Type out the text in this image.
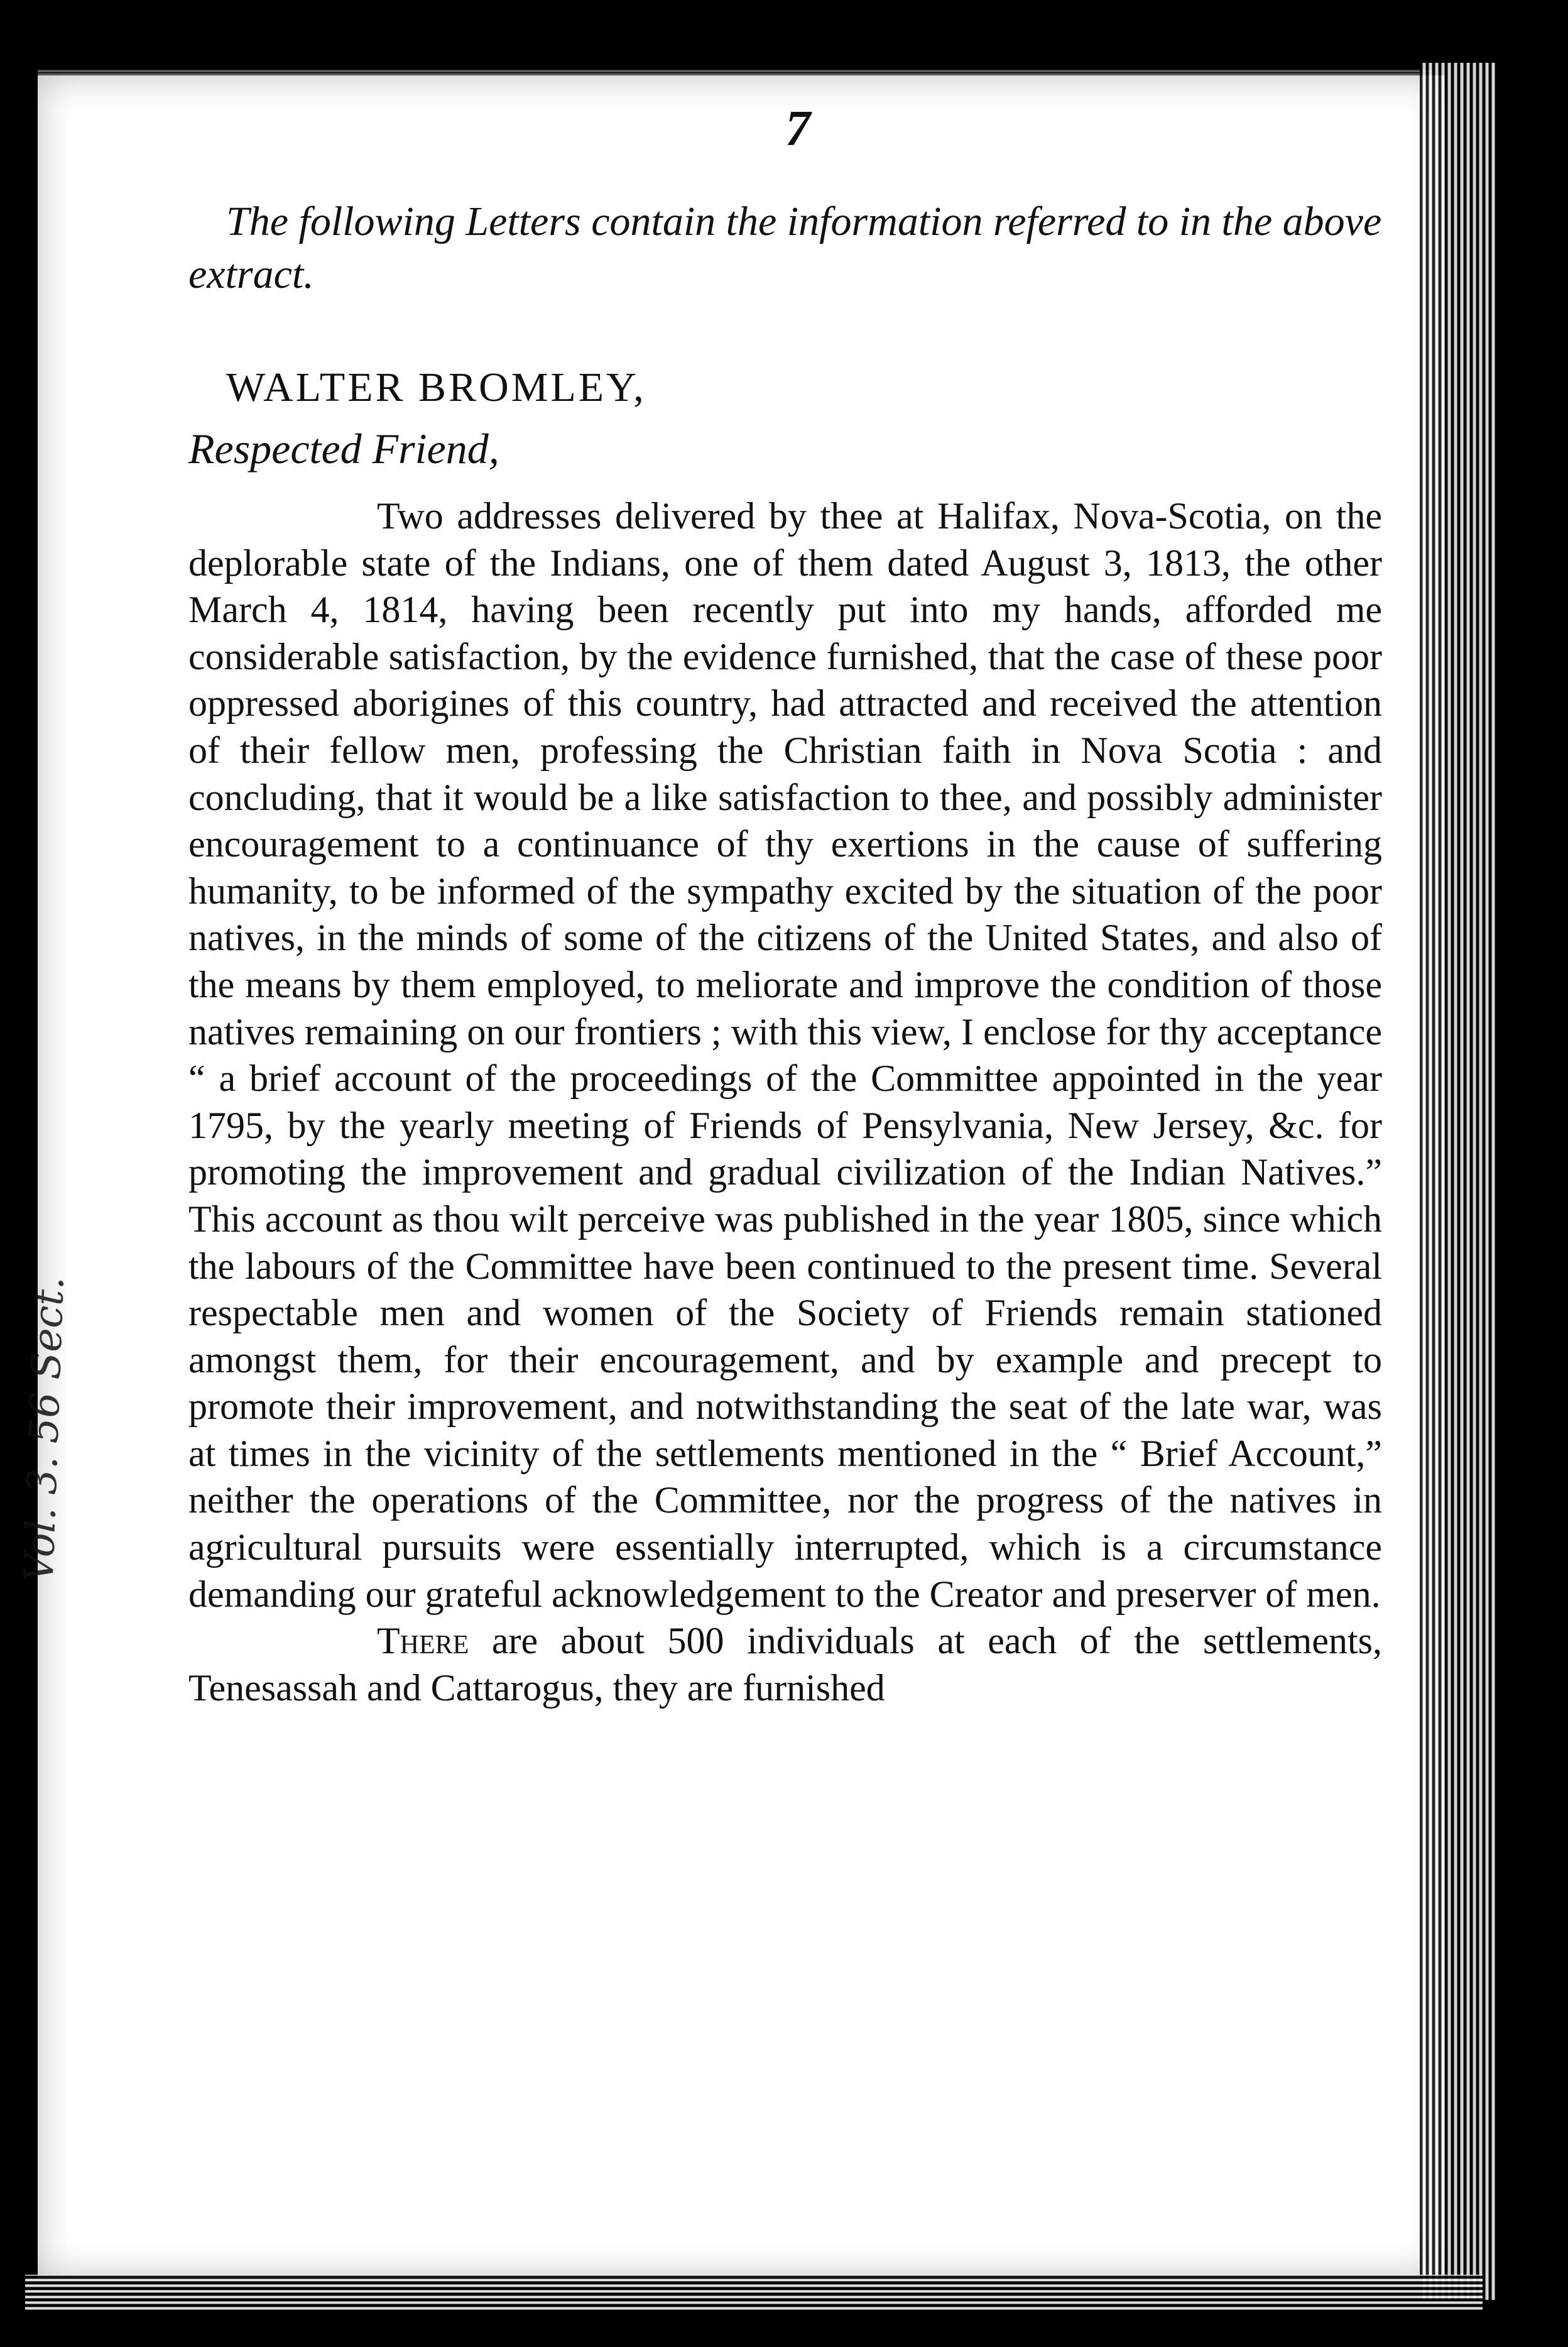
Vol. 3. 56 Sect.
7

The following Letters contain the information referred to in the above extract.

WALTER BROMLEY,

Respected Friend,

Two addresses delivered by thee at Halifax, Nova-Scotia, on the deplorable state of the Indians, one of them dated August 3, 1813, the other March 4, 1814, having been recently put into my hands, afforded me considerable satisfaction, by the evidence furnished, that the case of these poor oppressed aborigines of this country, had attracted and received the attention of their fellow men, professing the Christian faith in Nova Scotia : and concluding, that it would be a like satisfaction to thee, and possibly administer encouragement to a continuance of thy exertions in the cause of suffering humanity, to be informed of the sympathy excited by the situation of the poor natives, in the minds of some of the citizens of the United States, and also of the means by them employed, to meliorate and improve the condition of those natives remaining on our frontiers ; with this view, I enclose for thy acceptance “ a brief account of the proceedings of the Committee appointed in the year 1795, by the yearly meeting of Friends of Pensylvania, New Jersey, &c. for promoting the improvement and gradual civilization of the Indian Natives.” This account as thou wilt perceive was published in the year 1805, since which the labours of the Committee have been continued to the present time. Several respectable men and women of the Society of Friends remain stationed amongst them, for their encouragement, and by example and precept to promote their improvement, and notwithstanding the seat of the late war, was at times in the vicinity of the settlements mentioned in the “ Brief Account,” neither the operations of the Committee, nor the progress of the natives in agricultural pursuits were essentially interrupted, which is a circumstance demanding our grateful acknowledgement to the Creator and preserver of men.

There are about 500 individuals at each of the settlements, Tenesassah and Cattarogus, they are furnished
